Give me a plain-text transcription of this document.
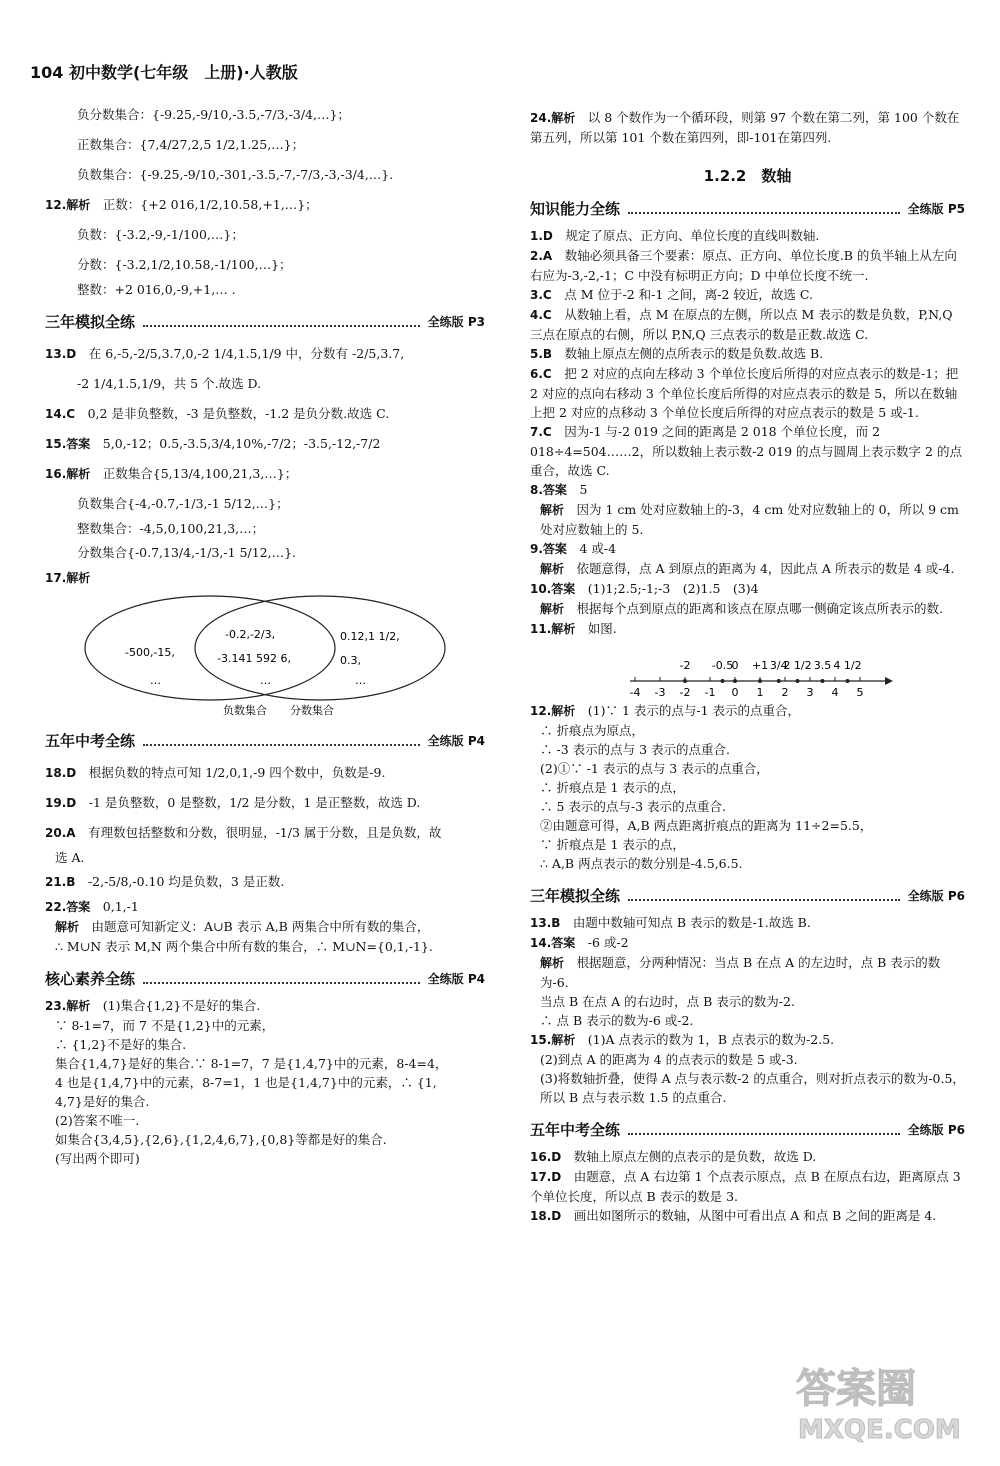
104 初中数学(七年级　上册)·人教版
负分数集合：{-9.25,-9/10,-3.5,-7/3,-3/4,…}；
正数集合：{7,4/27,2,5 1/2,1.25,…}；
负数集合：{-9.25,-9/10,-301,-3.5,-7,-7/3,-3,-3/4,…}.
12.解析　 正数：{+2 016,1/2,10.58,+1,…}；
负数：{-3.2,-9,-1/100,…}；
分数：{-3.2,1/2,10.58,-1/100,…}；
整数：+2 016,0,-9,+1,… .
三年模拟全练	全练版 P3
13.D　 在 6,-5,-2/5,3.7,0,-2 1/4,1.5,1/9 中，分数有 -2/5,3.7,
-2 1/4,1.5,1/9，共 5 个.故选 D.
14.C　 0,2 是非负整数，-3 是负整数，-1.2 是负分数.故选 C.
15.答案　 5,0,-12；0.5,-3.5,3/4,10%,-7/2；-3.5,-12,-7/2
16.解析　 正数集合{5,13/4,100,21,3,…}；
负数集合{-4,-0.7,-1/3,-1 5/12,…}；
整数集合：-4,5,0,100,21,3,…；
分数集合{-0.7,13/4,-1/3,-1 5/12,…}.
17.解析
-500,-15,
-0.2,-2/3,
-3.141 592 6,
0.12,1 1/2,
0.3,
…	…	…
负数集合 分数集合
五年中考全练	全练版 P4
18.D　 根据负数的特点可知 1/2,0,1,-9 四个数中，负数是-9.
19.D　 -1 是负整数，0 是整数，1/2 是分数，1 是正整数，故选 D.
20.A　 有理数包括整数和分数，很明显，-1/3 属于分数，且是负数，故
选 A.
21.B　 -2,-5/8,-0.10 均是负数，3 是正数.
22.答案　 0,1,-1
解析　 由题意可知新定义：A∪B 表示 A,B 两集合中所有数的集合，
∴ M∪N 表示 M,N 两个集合中所有数的集合，∴ M∪N={0,1,-1}.
核心素养全练	全练版 P4
23.解析　 (1)集合{1,2}不是好的集合.
∵ 8-1=7，而 7 不是{1,2}中的元素，
∴ {1,2}不是好的集合.
集合{1,4,7}是好的集合.∵ 8-1=7，7 是{1,4,7}中的元素，8-4=4，
4 也是{1,4,7}中的元素，8-7=1，1 也是{1,4,7}中的元素，∴ {1,
4,7}是好的集合.
(2)答案不唯一.
如集合{3,4,5},{2,6},{1,2,4,6,7},{0,8}等都是好的集合.
(写出两个即可)
24.解析　 以 8 个数作为一个循环段，则第 97 个数在第二列，第 100 个数在第五列，所以第 101 个数在第四列，即-101在第四列.
1.2.2　数轴
知识能力全练	全练版 P5
1.D　 规定了原点、正方向、单位长度的直线叫数轴.
2.A　 数轴必须具备三个要素：原点、正方向、单位长度.B 的负半轴上从左向右应为-3,-2,-1；C 中没有标明正方向；D 中单位长度不统一.
3.C　 点 M 位于-2 和-1 之间，离-2 较近，故选 C.
4.C　 从数轴上看，点 M 在原点的左侧，所以点 M 表示的数是负数，P,N,Q 三点在原点的右侧，所以 P,N,Q 三点表示的数是正数.故选 C.
5.B　 数轴上原点左侧的点所表示的数是负数.故选 B.
6.C　 把 2 对应的点向左移动 3 个单位长度后所得的对应点表示的数是-1；把 2 对应的点向右移动 3 个单位长度后所得的对应点表示的数是 5，所以在数轴上把 2 对应的点移动 3 个单位长度后所得的对应点表示的数是 5 或-1.
7.C　 因为-1 与-2 019 之间的距离是 2 018 个单位长度，而 2 018÷4=504……2，所以数轴上表示数-2 019 的点与圆周上表示数字 2 的点重合，故选 C.
8.答案　 5
解析　 因为 1 cm 处对应数轴上的-3，4 cm 处对应数轴上的 0，所以 9 cm处对应数轴上的 5.
9.答案　 4 或-4
解析　 依题意得，点 A 到原点的距离为 4，因此点 A 所表示的数是 4 或-4.
10.答案　 (1)1;2.5;-1;-3　(2)1.5　(3)4
解析　 根据每个点到原点的距离和该点在原点哪一侧确定该点所表示的数.
11.解析　 如图.
-4 -3 -2 -1 0 1 2 3 4 5
-2 -0.5
0 +1 3/4
2 1/2 3.5 4 1/2
12.解析　 (1)∵ 1 表示的点与-1 表示的点重合，
∴ 折痕点为原点，
∴ -3 表示的点与 3 表示的点重合.
(2)①∵ -1 表示的点与 3 表示的点重合，
∴ 折痕点是 1 表示的点，
∴ 5 表示的点与-3 表示的点重合.
②由题意可得，A,B 两点距离折痕点的距离为 11÷2=5.5，
∵ 折痕点是 1 表示的点，
∴ A,B 两点表示的数分别是-4.5,6.5.
三年模拟全练	全练版 P6
13.B　 由题中数轴可知点 B 表示的数是-1.故选 B.
14.答案　 -6 或-2
解析　 根据题意，分两种情况：当点 B 在点 A 的左边时，点 B 表示的数为-6.
当点 B 在点 A 的右边时，点 B 表示的数为-2.
∴ 点 B 表示的数为-6 或-2.
15.解析　 (1)A 点表示的数为 1，B 点表示的数为-2.5.
(2)到点 A 的距离为 4 的点表示的数是 5 或-3.
(3)将数轴折叠，使得 A 点与表示数-2 的点重合，则对折点表示的数为-0.5，所以 B 点与表示数 1.5 的点重合.
五年中考全练	全练版 P6
16.D　 数轴上原点左侧的点表示的是负数，故选 D.
17.D　 由题意，点 A 右边第 1 个点表示原点，点 B 在原点右边，距离原点 3 个单位长度，所以点 B 表示的数是 3.
18.D　 画出如图所示的数轴，从图中可看出点 A 和点 B 之间的距离是 4.
答案圈
MXQE.COM
